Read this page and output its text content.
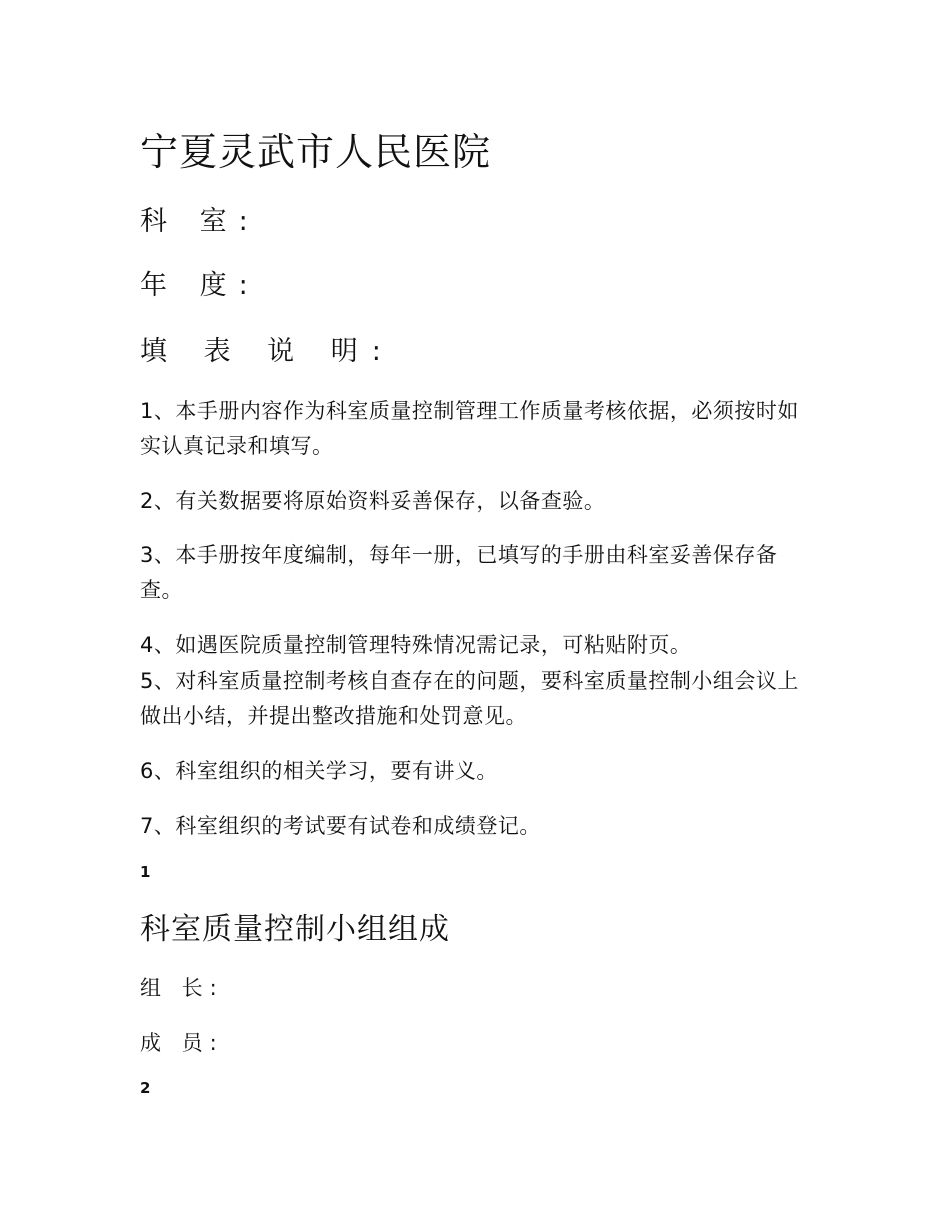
宁夏灵武市人民医院
科 室:
年 度:
填 表 说 明:
1、本手册内容作为科室质量控制管理工作质量考核依据，必须按时如实认真记录和填写。
2、有关数据要将原始资料妥善保存，以备查验。
3、本手册按年度编制，每年一册，已填写的手册由科室妥善保存备查。
4、如遇医院质量控制管理特殊情况需记录，可粘贴附页。
5、对科室质量控制考核自查存在的问题，要科室质量控制小组会议上做出小结，并提出整改措施和处罚意见。
6、科室组织的相关学习，要有讲义。
7、科室组织的考试要有试卷和成绩登记。
1
科室质量控制小组组成
组 长:
成 员:
2
